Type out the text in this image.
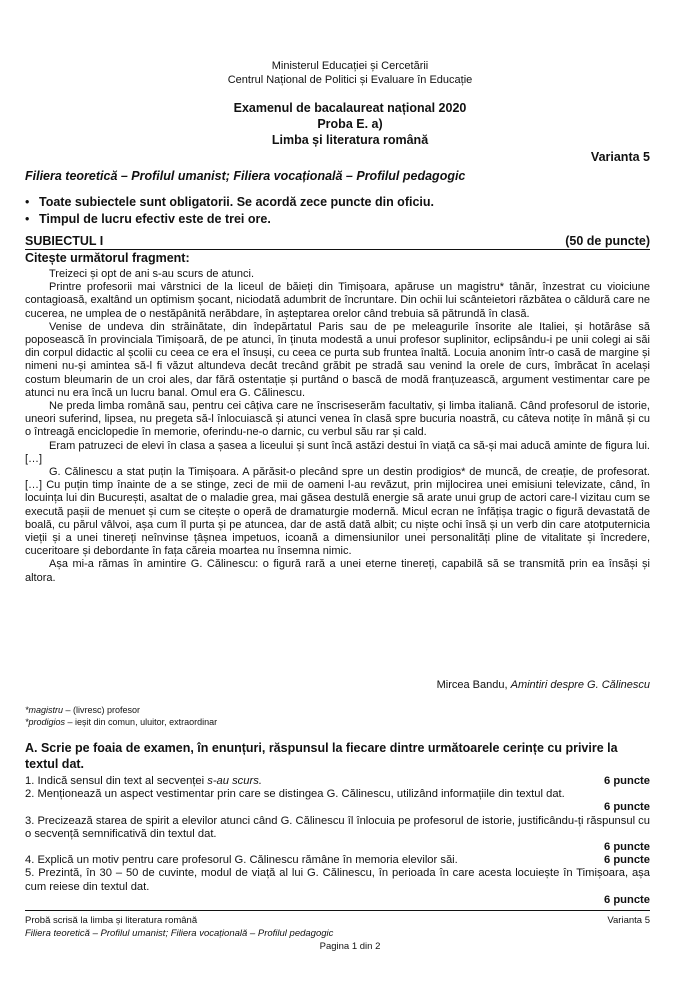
Ministerul Educației și Cercetării
Centrul Național de Politici și Evaluare în Educație
Examenul de bacalaureat național 2020
Proba E. a)
Limba și literatura română
Varianta 5
Filiera teoretică – Profilul umanist; Filiera vocațională – Profilul pedagogic
• Toate subiectele sunt obligatorii. Se acordă zece puncte din oficiu.
• Timpul de lucru efectiv este de trei ore.
SUBIECTUL I	(50 de puncte)
Citește următorul fragment:

Treizeci și opt de ani s-au scurs de atunci.

Printre profesorii mai vârstnici de la liceul de băieți din Timișoara, apăruse un magistru* tânăr, înzestrat cu vioiciune contagioasă, exaltând un optimism șocant, niciodată adumbrit de încruntare. Din ochii lui scânteietori răzbătea o căldură care ne cucerea, ne umplea de o nestăpânită nerăbdare, în așteptarea orelor când trebuia să pătrundă în clasă.

Venise de undeva din străinătate, din îndepărtatul Paris sau de pe meleagurile însorite ale Italiei, și hotărâse să poposească în provinciala Timișoară, de pe atunci, în ținuta modestă a unui profesor suplinitor, eclipsându-i pe unii colegi ai săi din corpul didactic al școlii cu ceea ce era el însuși, cu ceea ce purta sub fruntea înaltă. Locuia anonim într-o casă de margine și nimeni nu-și amintea să-l fi văzut altundeva decât trecând grăbit pe stradă sau venind la orele de curs, îmbrăcat în același costum bleumarin de un croi ales, dar fără ostentație și purtând o bască de modă franțuzească, argument vestimentar care pe atunci nu era încă un lucru banal. Omul era G. Călinescu.

Ne preda limba română sau, pentru cei câțiva care ne înscriseserăm facultativ, și limba italiană. Când profesorul de istorie, uneori suferind, lipsea, nu pregeta să-l înlocuiască și atunci venea în clasă spre bucuria noastră, cu câteva notițe în mână și cu o întreagă enciclopedie în memorie, oferindu-ne-o darnic, cu verbul său rar și cald.

Eram patruzeci de elevi în clasa a șasea a liceului și sunt încă astăzi destui în viață ca să-și mai aducă aminte de figura lui. […]

G. Călinescu a stat puțin la Timișoara. A părăsit-o plecând spre un destin prodigios* de muncă, de creație, de profesorat. […] Cu puțin timp înainte de a se stinge, zeci de mii de oameni l-au revăzut, prin mijlocirea unei emisiuni televizate, când, în locuința lui din București, asaltat de o maladie grea, mai găsea destulă energie să arate unui grup de actori care-l vizitau cum se execută pașii de menuet și cum se citește o operă de dramaturgie modernă. Micul ecran ne înfățișa tragic o figură devastată de boală, cu părul vâlvoi, așa cum îl purta și pe atuncea, dar de astă dată albit; cu niște ochi însă și un verb din care atotputernicia vieții și a unei tinereți neînvinse țâșnea impetuos, icoană a dimensiunilor unei personalități pline de vitalitate și încredere, cuceritoare și debordante în fața căreia moartea nu însemna nimic.

Așa mi-a rămas în amintire G. Călinescu: o figură rară a unei eterne tinereți, capabilă să se transmită prin ea însăși și altora.

Mircea Bandu, Amintiri despre G. Călinescu
*magistru – (livresc) profesor
*prodigios – ieșit din comun, uluitor, extraordinar
A. Scrie pe foaia de examen, în enunțuri, răspunsul la fiecare dintre următoarele cerințe cu privire la textul dat.
6 puncte
1. Indică sensul din text al secvenței s-au scurs.
2. Menționează un aspect vestimentar prin care se distingea G. Călinescu, utilizând informațiile din textul dat.
6 puncte
3. Precizează starea de spirit a elevilor atunci când G. Călinescu îl înlocuia pe profesorul de istorie, justificându-ți răspunsul cu o secvență semnificativă din textul dat.
6 puncte
6 puncte
4. Explică un motiv pentru care profesorul G. Călinescu rămâne în memoria elevilor săi.
5. Prezintă, în 30 – 50 de cuvinte, modul de viață al lui G. Călinescu, în perioada în care acesta locuiește în Timișoara, așa cum reiese din textul dat.
6 puncte
Probă scrisă la limba și literatura română	Varianta 5
Filiera teoretică – Profilul umanist; Filiera vocațională – Profilul pedagogic
Pagina 1 din 2
